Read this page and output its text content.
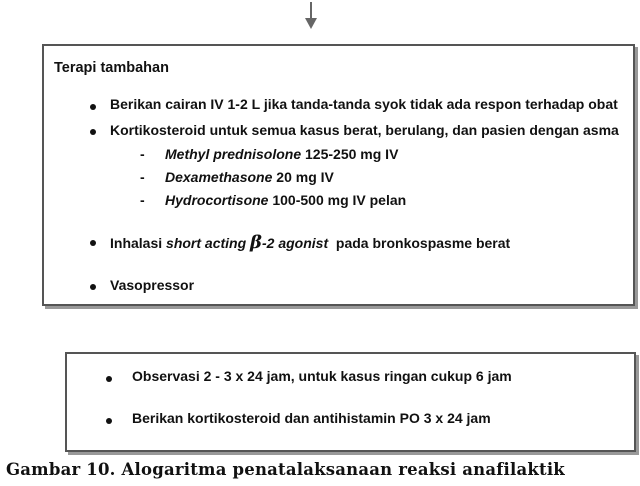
Terapi tambahan
Berikan cairan IV 1-2 L jika tanda-tanda syok tidak ada respon terhadap obat
Kortikosteroid untuk semua kasus berat, berulang, dan pasien dengan asma
- Methyl prednisolone 125-250 mg IV
- Dexamethasone 20 mg IV
- Hydrocortisone 100-500 mg IV pelan
Inhalasi short acting β-2 agonist  pada bronkospasme berat
Vasopressor
Observasi 2 - 3 x 24 jam, untuk kasus ringan cukup 6 jam
Berikan kortikosteroid dan antihistamin PO 3 x 24 jam
Gambar 10. Alogaritma penatalaksanaan reaksi anafilaktik
